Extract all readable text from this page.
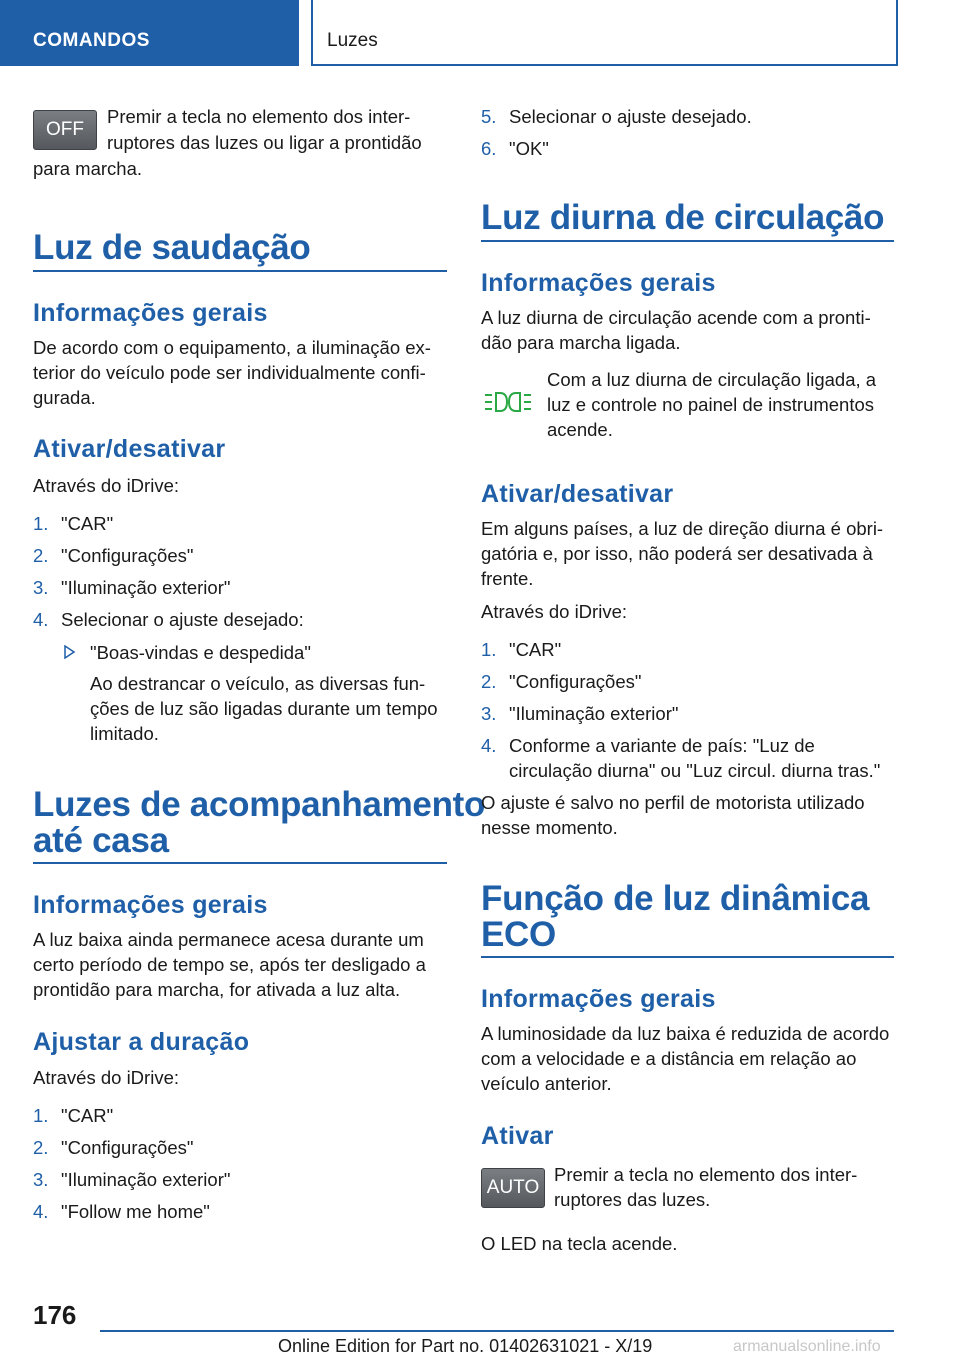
COMANDOS	Luzes
OFF

Premir a tecla no elemento dos inter-

ruptores das luzes ou ligar a prontidão

para marcha.

Luz de saudação
Informações gerais

De acordo com o equipamento, a iluminação ex-

terior do veículo pode ser individualmente confi-

gurada.

Ativar/desativar

Através do iDrive:

1. "CAR"
2. "Configurações"
3. "Iluminação exterior"
4. Selecionar o ajuste desejado:
"Boas-vindas e despedida"

Ao destrancar o veículo, as diversas fun-

ções de luz são ligadas durante um tempo

limitado.

Luzes de acompanhamento
até casa
Informações gerais

A luz baixa ainda permanece acesa durante um

certo período de tempo se, após ter desligado a

prontidão para marcha, for ativada a luz alta.

Ajustar a duração

Através do iDrive:

1. "CAR"
2. "Configurações"
3. "Iluminação exterior"
4. "Follow me home"
5. Selecionar o ajuste desejado.
6. "OK"
Luz diurna de circulação
Informações gerais

A luz diurna de circulação acende com a pronti-

dão para marcha ligada.

Com a luz diurna de circulação ligada, a

luz e controle no painel de instrumentos

acende.

Ativar/desativar

Em alguns países, a luz de direção diurna é obri-

gatória e, por isso, não poderá ser desativada à

frente.

Através do iDrive:

1. "CAR"
2. "Configurações"
3. "Iluminação exterior"
4. Conforme a variante de país: "Luz de
circulação diurna" ou "Luz circul. diurna tras."

O ajuste é salvo no perfil de motorista utilizado

nesse momento.

Função de luz dinâmica
ECO
Informações gerais

A luminosidade da luz baixa é reduzida de acordo

com a velocidade e a distância em relação ao

veículo anterior.

Ativar
AUTO

Premir a tecla no elemento dos inter-

ruptores das luzes.

O LED na tecla acende.

176
Online Edition for Part no. 01402631021 - X/19	armanualsonline.info
